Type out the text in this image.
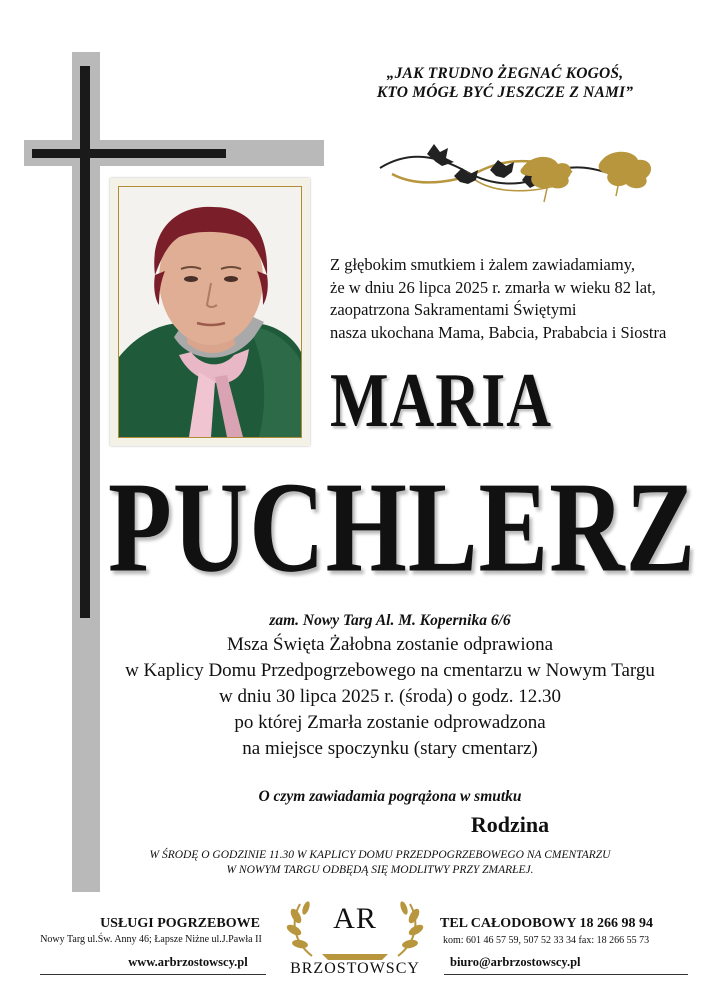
„JAK TRUDNO ŻEGNAĆ KOGOŚ,
KTO MÓGŁ BYĆ JESZCZE Z NAMI”
Z głębokim smutkiem i żalem zawiadamiamy,
że w dniu 26 lipca 2025 r. zmarła w wieku 82 lat,
zaopatrzona Sakramentami Świętymi
nasza ukochana Mama, Babcia, Prababcia i Siostra
MARIA
PUCHLERZ
zam. Nowy Targ Al. M. Kopernika 6/6
Msza Święta Żałobna zostanie odprawiona
w Kaplicy Domu Przedpogrzebowego na cmentarzu w Nowym Targu
w dniu 30 lipca 2025 r. (środa) o godz. 12.30
po której Zmarła zostanie odprowadzona
na miejsce spoczynku (stary cmentarz)
O czym zawiadamia pogrążona w smutku
Rodzina
W ŚRODĘ O GODZINIE 11.30 W KAPLICY DOMU PRZEDPOGRZEBOWEGO NA CMENTARZU
W NOWYM TARGU ODBĘDĄ SIĘ MODLITWY PRZY ZMARŁEJ.
USŁUGI POGRZEBOWE
Nowy Targ ul.Św. Anny 46; Łapsze Niżne ul.J.Pawła II
www.arbrzostowscy.pl
AR
BRZOSTOWSCY
TEL CAŁODOBOWY 18 266 98 94
kom: 601 46 57 59, 507 52 33 34 fax: 18 266 55 73
biuro@arbrzostowscy.pl
